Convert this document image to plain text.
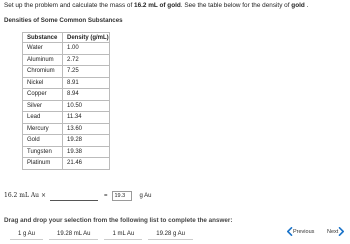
Set up the problem and calculate the mass of 16.2 mL of gold. See the table below for the density of gold .
Densities of Some Common Substances
Substance	Density (g/mL)
Water	1.00
Aluminum	2.72
Chromium	7.25
Nickel	8.91
Copper	8.94
Silver	10.50
Lead	11.34
Mercury	13.60
Gold	19.28
Tungsten	19.38
Platinum	21.46
16.2 mL Au ×	=	19.3	g Au
Drag and drop your selection from the following list to complete the answer:
1 g Au	19.28 mL Au	1 mL Au	19.28 g Au	Previous Next
